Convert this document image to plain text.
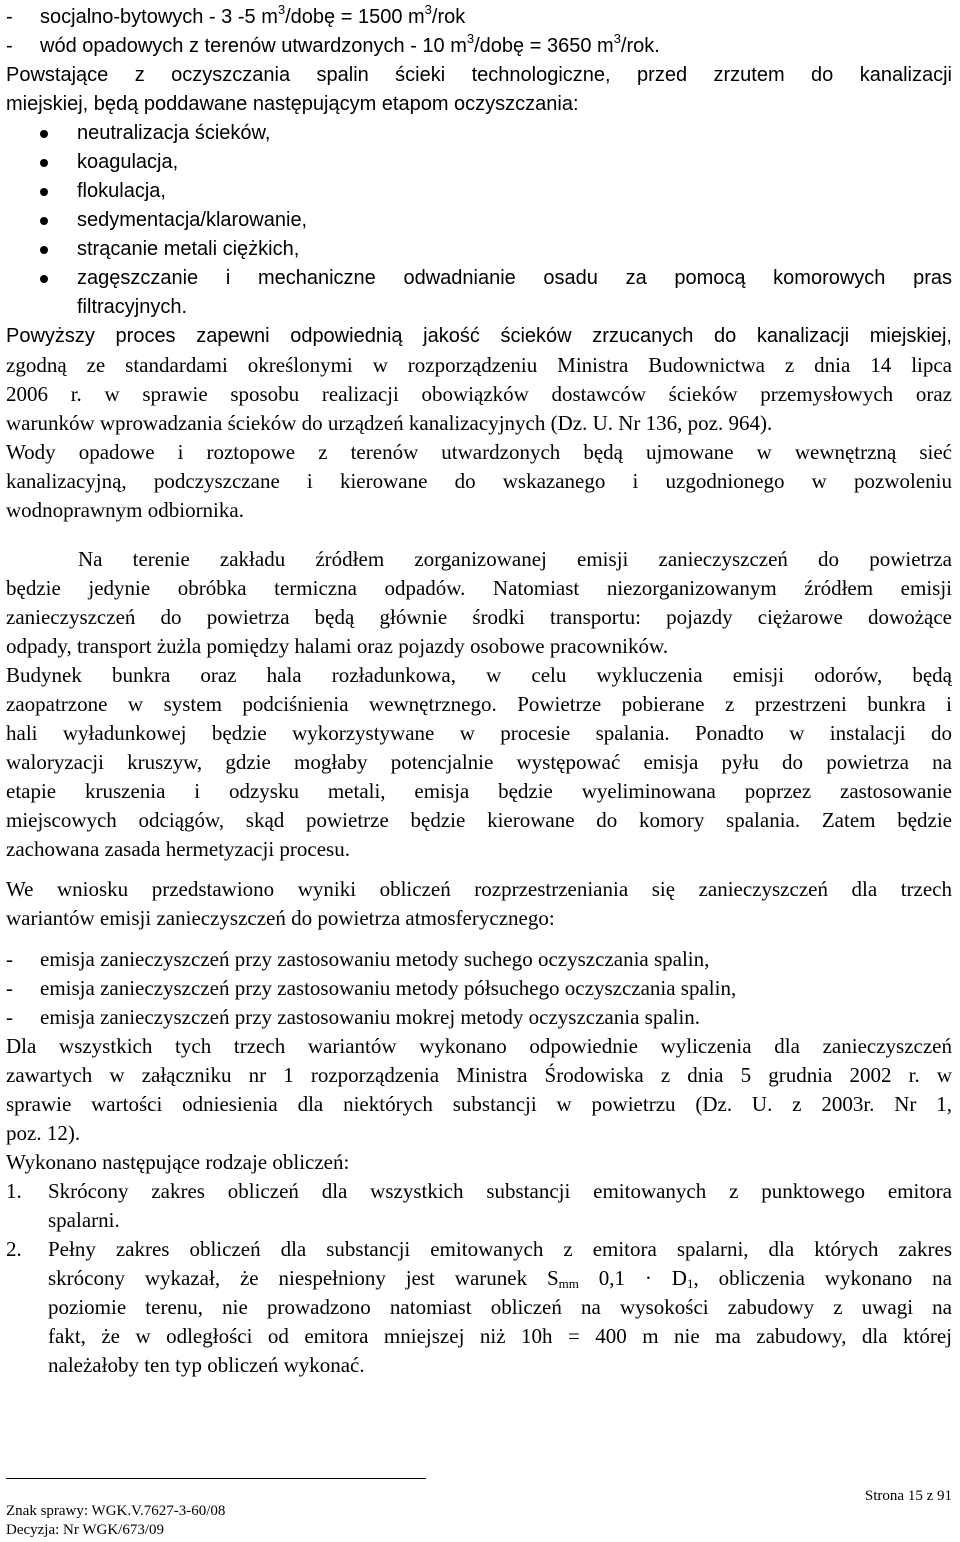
- socjalno-bytowych - 3 -5 $m^3$/dobę = 1500 $m^3$/rok
- wód opadowych z terenów utwardzonych - 10 $m^3$/dobę = 3650 $m^3$/rok.
Powstające z oczyszczania spalin ścieki technologiczne, przed zrzutem do kanalizacji
miejskiej, będą poddawane następującym etapom oczyszczania:
neutralizacja ścieków,
koagulacja,
flokulacja,
sedymentacja/klarowanie,
strącanie metali ciężkich,
zagęszczanie i mechaniczne odwadnianie osadu za pomocą komorowych pras
filtracyjnych.
Powyższy proces zapewni odpowiednią jakość ścieków zrzucanych do kanalizacji miejskiej,
zgodną ze standardami określonymi w rozporządzeniu Ministra Budownictwa z dnia 14 lipca
2006 r. w sprawie sposobu realizacji obowiązków dostawców ścieków przemysłowych oraz
warunków wprowadzania ścieków do urządzeń kanalizacyjnych (Dz. U. Nr 136, poz. 964).
Wody opadowe i roztopowe z terenów utwardzonych będą ujmowane w wewnętrzną sieć
kanalizacyjną, podczyszczane i kierowane do wskazanego i uzgodnionego w pozwoleniu
wodnoprawnym odbiornika.
Na terenie zakładu źródłem zorganizowanej emisji zanieczyszczeń do powietrza
będzie jedynie obróbka termiczna odpadów. Natomiast niezorganizowanym źródłem emisji
zanieczyszczeń do powietrza będą głównie środki transportu: pojazdy ciężarowe dowożące
odpady, transport żużla pomiędzy halami oraz pojazdy osobowe pracowników.
Budynek bunkra oraz hala rozładunkowa, w celu wykluczenia emisji odorów, będą
zaopatrzone w system podciśnienia wewnętrznego. Powietrze pobierane z przestrzeni bunkra i
hali wyładunkowej będzie wykorzystywane w procesie spalania. Ponadto w instalacji do
waloryzacji kruszyw, gdzie mogłaby potencjalnie występować emisja pyłu do powietrza na
etapie kruszenia i odzysku metali, emisja będzie wyeliminowana poprzez zastosowanie
miejscowych odciągów, skąd powietrze będzie kierowane do komory spalania. Zatem będzie
zachowana zasada hermetyzacji procesu.
We wniosku przedstawiono wyniki obliczeń rozprzestrzeniania się zanieczyszczeń dla trzech
wariantów emisji zanieczyszczeń do powietrza atmosferycznego:
- emisja zanieczyszczeń przy zastosowaniu metody suchego oczyszczania spalin,
- emisja zanieczyszczeń przy zastosowaniu metody półsuchego oczyszczania spalin,
- emisja zanieczyszczeń przy zastosowaniu mokrej metody oczyszczania spalin.
Dla wszystkich tych trzech wariantów wykonano odpowiednie wyliczenia dla zanieczyszczeń
zawartych w załączniku nr 1 rozporządzenia Ministra Środowiska z dnia 5 grudnia 2002 r. w
sprawie wartości odniesienia dla niektórych substancji w powietrzu (Dz. U. z 2003r. Nr 1,
poz. 12).
Wykonano następujące rodzaje obliczeń:
1. Skrócony zakres obliczeń dla wszystkich substancji emitowanych z punktowego emitora
spalarni.
2. Pełny zakres obliczeń dla substancji emitowanych z emitora spalarni, dla których zakres
skrócony wykazał, że niespełniony jest warunek $S_{mm}$ $0,1 \cdot D_1$, obliczenia wykonano na
poziomie terenu, nie prowadzono natomiast obliczeń na wysokości zabudowy z uwagi na
fakt, że w odległości od emitora mniejszej niż 10h = 400 m nie ma zabudowy, dla której
należałoby ten typ obliczeń wykonać.
Strona 15 z 91
Znak sprawy: WGK.V.7627-3-60/08
Decyzja: Nr WGK/673/09
